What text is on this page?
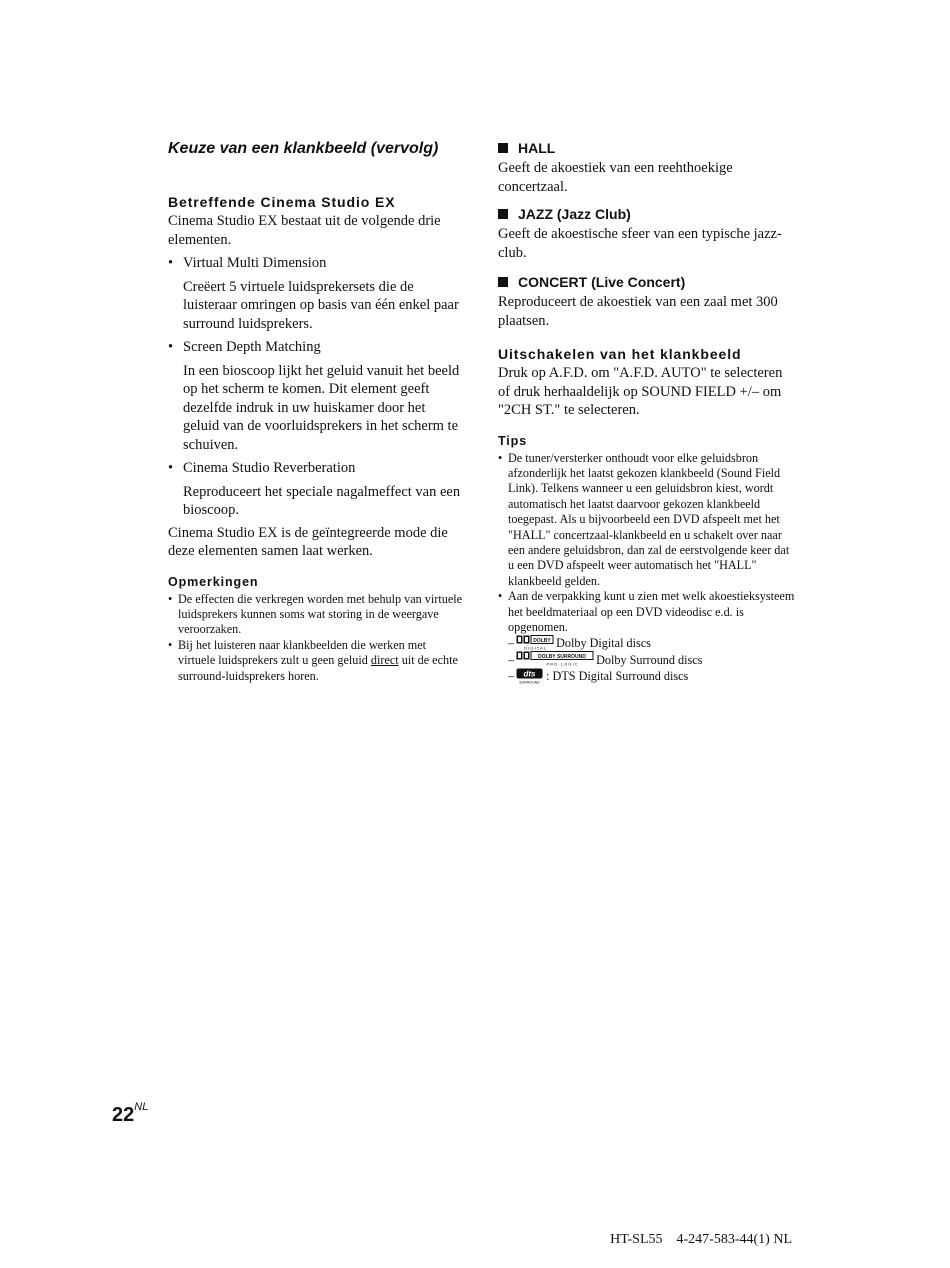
Keuze van een klankbeeld (vervolg)
Betreffende Cinema Studio EX

Cinema Studio EX bestaat uit de volgende drie elementen.

• Virtual Multi Dimension

Creëert 5 virtuele luidsprekersets die de luisteraar omringen op basis van één enkel paar surround luidsprekers.

• Screen Depth Matching

In een bioscoop lijkt het geluid vanuit het beeld op het scherm te komen. Dit element geeft dezelfde indruk in uw huiskamer door het geluid van de voorluidsprekers in het scherm te schuiven.

• Cinema Studio Reverberation

Reproduceert het speciale nagalmeffect van een bioscoop.

Cinema Studio EX is de geïntegreerde mode die deze elementen samen laat werken.

Opmerkingen
• De effecten die verkregen worden met behulp van virtuele luidsprekers kunnen soms wat storing in de weergave veroorzaken.
• Bij het luisteren naar klankbeelden die werken met virtuele luidsprekers zult u geen geluid direct uit de echte surround-luidsprekers horen.
HALL

Geeft de akoestiek van een reehthoekige concertzaal.

JAZZ (Jazz Club)

Geeft de akoestische sfeer van een typische jazz-club.

CONCERT (Live Concert)

Reproduceert de akoestiek van een zaal met 300 plaatsen.

Uitschakelen van het klankbeeld

Druk op A.F.D. om "A.F.D. AUTO" te selecteren of druk herhaaldelijk op SOUND FIELD +/– om "2CH ST." te selecteren.

Tips
• De tuner/versterker onthoudt voor elke geluidsbron afzonderlijk het laatst gekozen klankbeeld (Sound Field Link). Telkens wanneer u een geluidsbron kiest, wordt automatisch het laatst daarvoor gekozen klankbeeld toegepast. Als u bijvoorbeeld een DVD afspeelt met het "HALL" concertzaal-klankbeeld en u schakelt over naar een andere geluidsbron, dan zal de eerstvolgende keer dat u een DVD afspeelt weer automatisch het "HALL" klankbeeld gelden.
• Aan de verpakking kunt u zien met welk akoestieksysteem het beeldmateriaal op een DVD videodisc e.d. is opgenomen.
–	DOLBY
D I G I T A L Dolby Digital discs
–	DOLBY SURROUND
P R O · L O G I C Dolby Surround discs
– dts
SURROUND : DTS Digital Surround discs
$22^{NL}$
HT-SL55    4-247-583-44(1) NL
